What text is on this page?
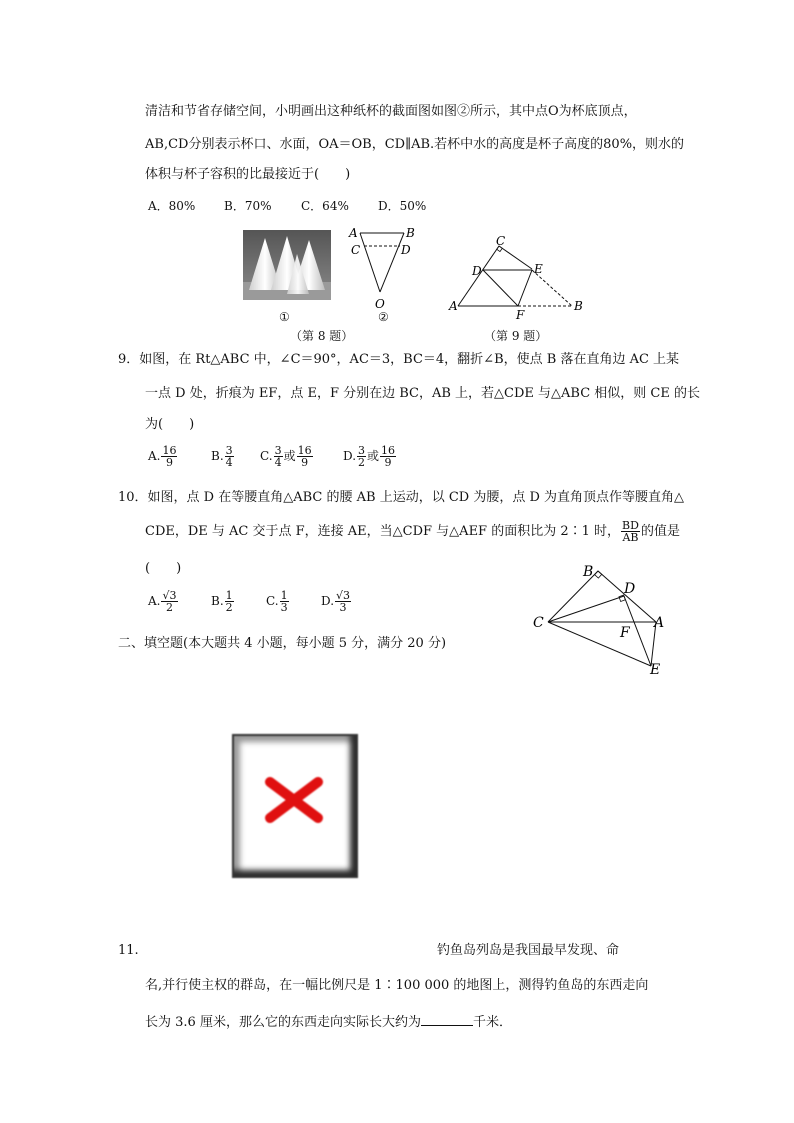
清洁和节省存储空间，小明画出这种纸杯的截面图如图②所示，其中点O为杯底顶点，
AB,CD分别表示杯口、水面，OA＝OB，CD∥AB.若杯中水的高度是杯子高度的80%，则水的
体积与杯子容积的比最接近于(　　)
A．80% B．70% C．64% D．50%
A	B
C	D
O
①	②
（第 8 题）
C
D	E
A
F
B
（第 9 题）
9．如图，在 Rt△ABC 中，∠C＝90°，AC＝3，BC＝4，翻折∠B，使点 B 落在直角边 AC 上某
一点 D 处，折痕为 EF，点 E，F 分别在边 BC，AB 上，若△CDE 与△ABC 相似，则 CE 的长
为(　　)
A. $\frac{16}{9}$	B. $\frac{3}{4} C$. $\frac{3}{4}$ 或 $\frac{16}{9}$	D. $\frac{3}{2}$ 或 $\frac{16}{9}$
10．如图，点 D 在等腰直角△ABC 的腰 AB 上运动，以 CD 为腰，点 D 为直角顶点作等腰直角△
CDE，DE 与 AC 交于点 F，连接 AE，当△CDF 与△AEF 的面积比为 2∶1 时， $\frac{BD}{AB}$ 的值是
(　　)
A. $\frac{√3}{2}$	B. $\frac{1}{2}$	C. $\frac{1}{3}$	D. $\frac{√3}{3}$
B
D
C
F
A
E
二、填空题(本大题共 4 小题，每小题 5 分，满分 20 分)
11.	钓鱼岛列岛是我国最早发现、命
名,并行使主权的群岛，在一幅比例尺是 1∶100 000 的地图上，测得钓鱼岛的东西走向
长为 3.6 厘米，那么它的东西走向实际长大约为	千米．
